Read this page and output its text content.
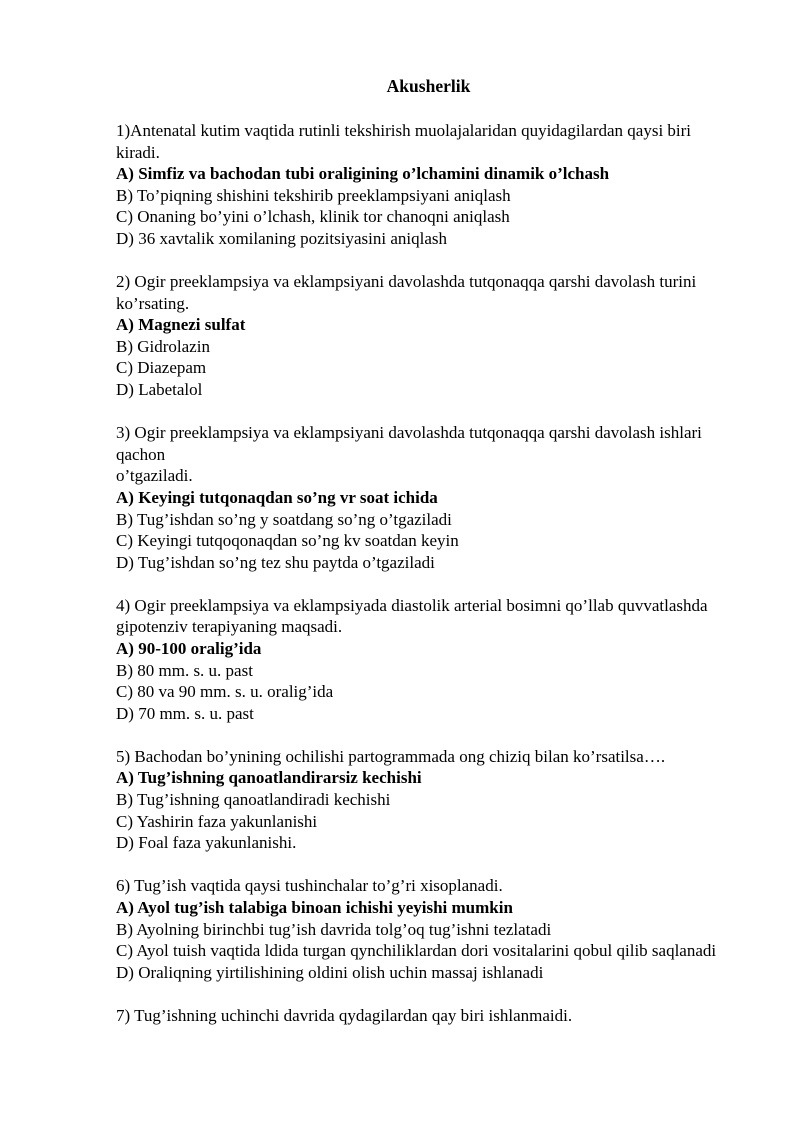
Akusherlik

1)Antenatal kutim vaqtida rutinli tekshirish muolajalaridan quyidagilardan qaysi biri kiradi.

A) Simfiz va bachodan tubi oraligining o’lchamini dinamik o’lchash

B) To’piqning shishini tekshirib preeklampsiyani aniqlash

C) Onaning bo’yini o’lchash, klinik tor chanoqni aniqlash

D) 36 xavtalik xomilaning pozitsiyasini aniqlash

2) Ogir preeklampsiya va eklampsiyani davolashda tutqonaqqa qarshi davolash turini ko’rsating.

A) Magnezi sulfat

B) Gidrolazin

C) Diazepam

D) Labetalol

3) Ogir preeklampsiya va eklampsiyani davolashda tutqonaqqa qarshi davolash ishlari qachon

o’tgaziladi.

A) Keyingi tutqonaqdan so’ng vr soat ichida

B) Tug’ishdan so’ng y soatdang so’ng o’tgaziladi

C) Keyingi tutqoqonaqdan so’ng kv soatdan keyin

D) Tug’ishdan so’ng tez shu paytda o’tgaziladi

4) Ogir preeklampsiya va eklampsiyada diastolik arterial bosimni qo’llab quvvatlashda gipotenziv terapiyaning maqsadi.

A) 90-100 oralig’ida

B) 80 mm. s. u. past

C) 80 va 90 mm. s. u. oralig’ida

D) 70 mm. s. u. past

5) Bachodan bo’ynining ochilishi partogrammada ong chiziq bilan ko’rsatilsa….

A) Tug’ishning qanoatlandirarsiz kechishi

B) Tug’ishning qanoatlandiradi kechishi

C) Yashirin faza yakunlanishi

D) Foal faza yakunlanishi.

6) Tug’ish vaqtida qaysi tushinchalar to’g’ri xisoplanadi.

A) Ayol tug’ish talabiga binoan ichishi yeyishi mumkin

B) Ayolning birinchbi tug’ish davrida tolg’oq tug’ishni tezlatadi

C) Ayol tuish vaqtida ldida turgan qynchiliklardan dori vositalarini qobul qilib saqlanadi

D) Oraliqning yirtilishining oldini olish uchin massaj ishlanadi

7) Tug’ishning uchinchi davrida qydagilardan qay biri ishlanmaidi.
